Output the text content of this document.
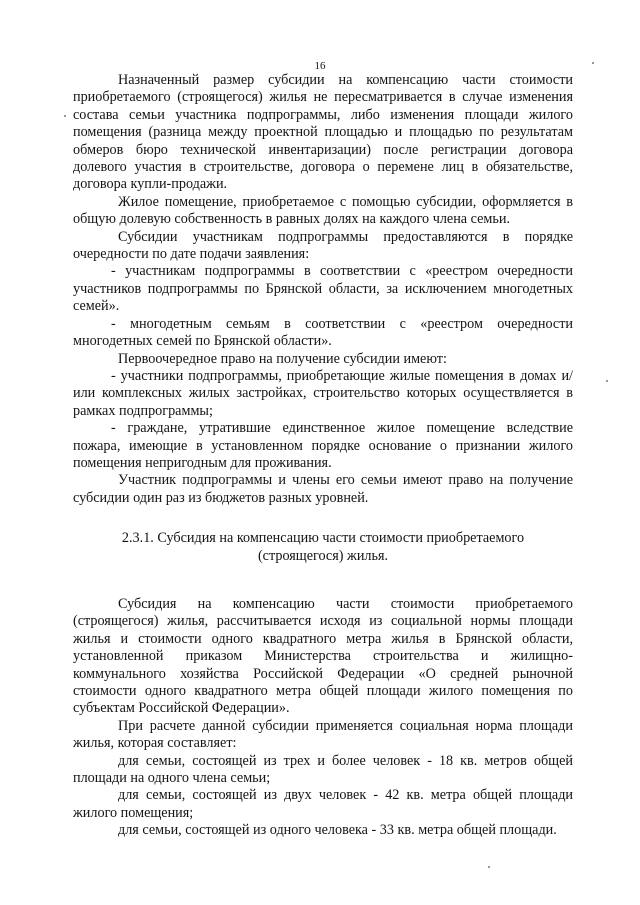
16

Назначенный размер субсидии на компенсацию части стоимости приобретаемого (строящегося) жилья не пересматривается в случае изменения состава семьи участника подпрограммы, либо изменения площади жилого помещения (разница между проектной площадью и площадью по результатам обмеров бюро технической инвентаризации) после регистрации договора долевого участия в строительстве, договора о перемене лиц в обязательстве, договора купли-продажи.

Жилое помещение, приобретаемое с помощью субсидии, оформляется в общую долевую собственность в равных долях на каждого члена семьи.

Субсидии участникам подпрограммы предоставляются в порядке очередности по дате подачи заявления:

- участникам подпрограммы в соответствии с «реестром очередности участников подпрограммы по Брянской области, за исключением многодетных семей».

- многодетным семьям в соответствии с «реестром очередности многодетных семей по Брянской области».

Первоочередное право на получение субсидии имеют:

- участники подпрограммы, приобретающие жилые помещения в домах и/или комплексных жилых застройках, строительство которых осуществляется в рамках подпрограммы;

- граждане, утратившие единственное жилое помещение вследствие пожара, имеющие в установленном порядке основание о признании жилого помещения непригодным для проживания.

Участник подпрограммы и члены его семьи имеют право на получение субсидии один раз из бюджетов разных уровней.

2.3.1. Субсидия на компенсацию части стоимости приобретаемого (строящегося) жилья.

Субсидия на компенсацию части стоимости приобретаемого (строящегося) жилья, рассчитывается исходя из социальной нормы площади жилья и стоимости одного квадратного метра жилья в Брянской области, установленной приказом Министерства строительства и жилищно-коммунального хозяйства Российской Федерации «О средней рыночной стоимости одного квадратного метра общей площади жилого помещения по субъектам Российской Федерации».

При расчете данной субсидии применяется социальная норма площади жилья, которая составляет:

для семьи, состоящей из трех и более человек - 18 кв. метров общей площади на одного члена семьи;

для семьи, состоящей из двух человек - 42 кв. метра общей площади жилого помещения;

для семьи, состоящей из одного человека - 33 кв. метра общей площади.
